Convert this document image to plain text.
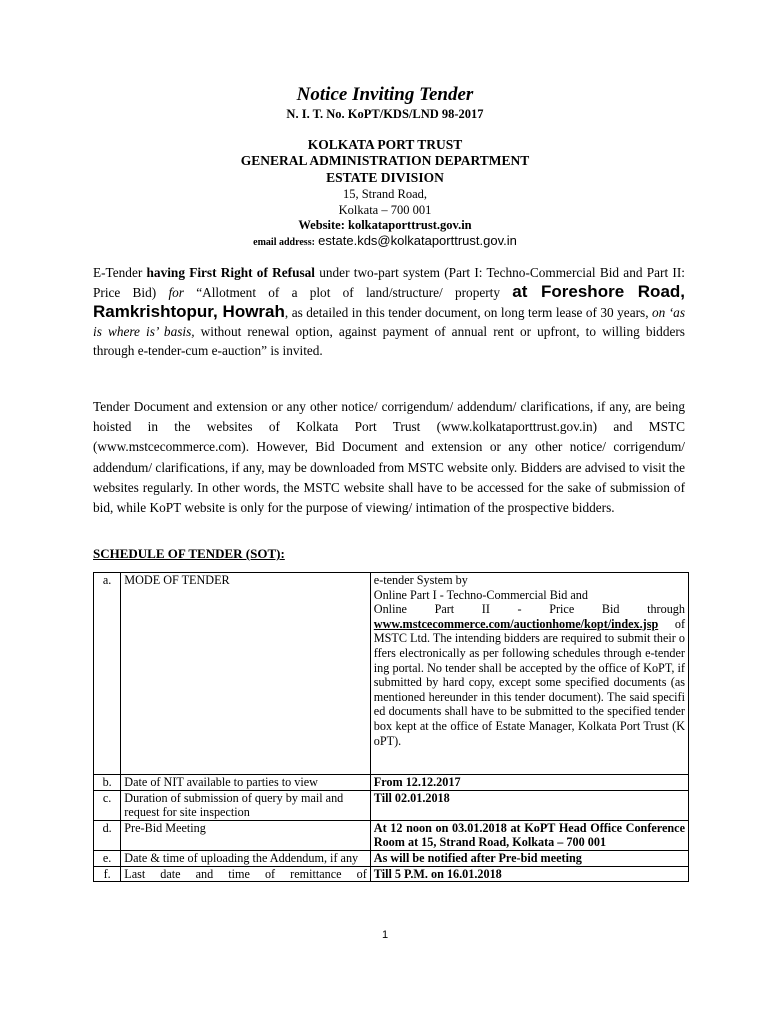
Notice Inviting Tender
N. I. T. No. KoPT/KDS/LND 98-2017
KOLKATA PORT TRUST
GENERAL ADMINISTRATION DEPARTMENT
ESTATE DIVISION
15, Strand Road,
Kolkata – 700 001
Website: kolkataporttrust.gov.in
email address: estate.kds@kolkataporttrust.gov.in
E-Tender having First Right of Refusal under two-part system (Part I: Techno-Commercial Bid and Part II: Price Bid) for “Allotment of a plot of land/structure/ property at Foreshore Road, Ramkrishtopur, Howrah, as detailed in this tender document, on long term lease of 30 years, on ‘as is where is’ basis, without renewal option, against payment of annual rent or upfront, to willing bidders through e-tender-cum e-auction” is invited.
Tender Document and extension or any other notice/ corrigendum/ addendum/ clarifications, if any, are being hoisted in the websites of Kolkata Port Trust (www.kolkataporttrust.gov.in) and MSTC (www.mstcecommerce.com). However, Bid Document and extension or any other notice/ corrigendum/ addendum/ clarifications, if any, may be downloaded from MSTC website only. Bidders are advised to visit the websites regularly. In other words, the MSTC website shall have to be accessed for the sake of submission of bid, while KoPT website is only for the purpose of viewing/ intimation of the prospective bidders.
SCHEDULE OF TENDER (SOT):
a.	MODE OF TENDER	e-tender System by
Online Part I - Techno-Commercial Bid and
Online Part II - Price Bid through
www.mstcecommerce.com/auctionhome/kopt/index.jsp of MSTC Ltd. The intending bidders are required to submit their offers electronically as per following schedules through e-tendering portal. No tender shall be accepted by the office of KoPT, if submitted by hard copy, except some specified documents (as mentioned hereunder in this tender document). The said specified documents shall have to be submitted to the specified tender box kept at the office of Estate Manager, Kolkata Port Trust (KoPT).

b.	Date of NIT available to parties to view	From 12.12.2017
c.	Duration of submission of query by mail and request for site inspection	Till 02.01.2018
d.	Pre-Bid Meeting	At 12 noon on 03.01.2018 at KoPT Head Office Conference Room at 15, Strand Road, Kolkata – 700 001
e.	Date & time of uploading the Addendum, if any	As will be notified after Pre-bid meeting
f.	Last date and time of remittance of	Till 5 P.M. on 16.01.2018
1
